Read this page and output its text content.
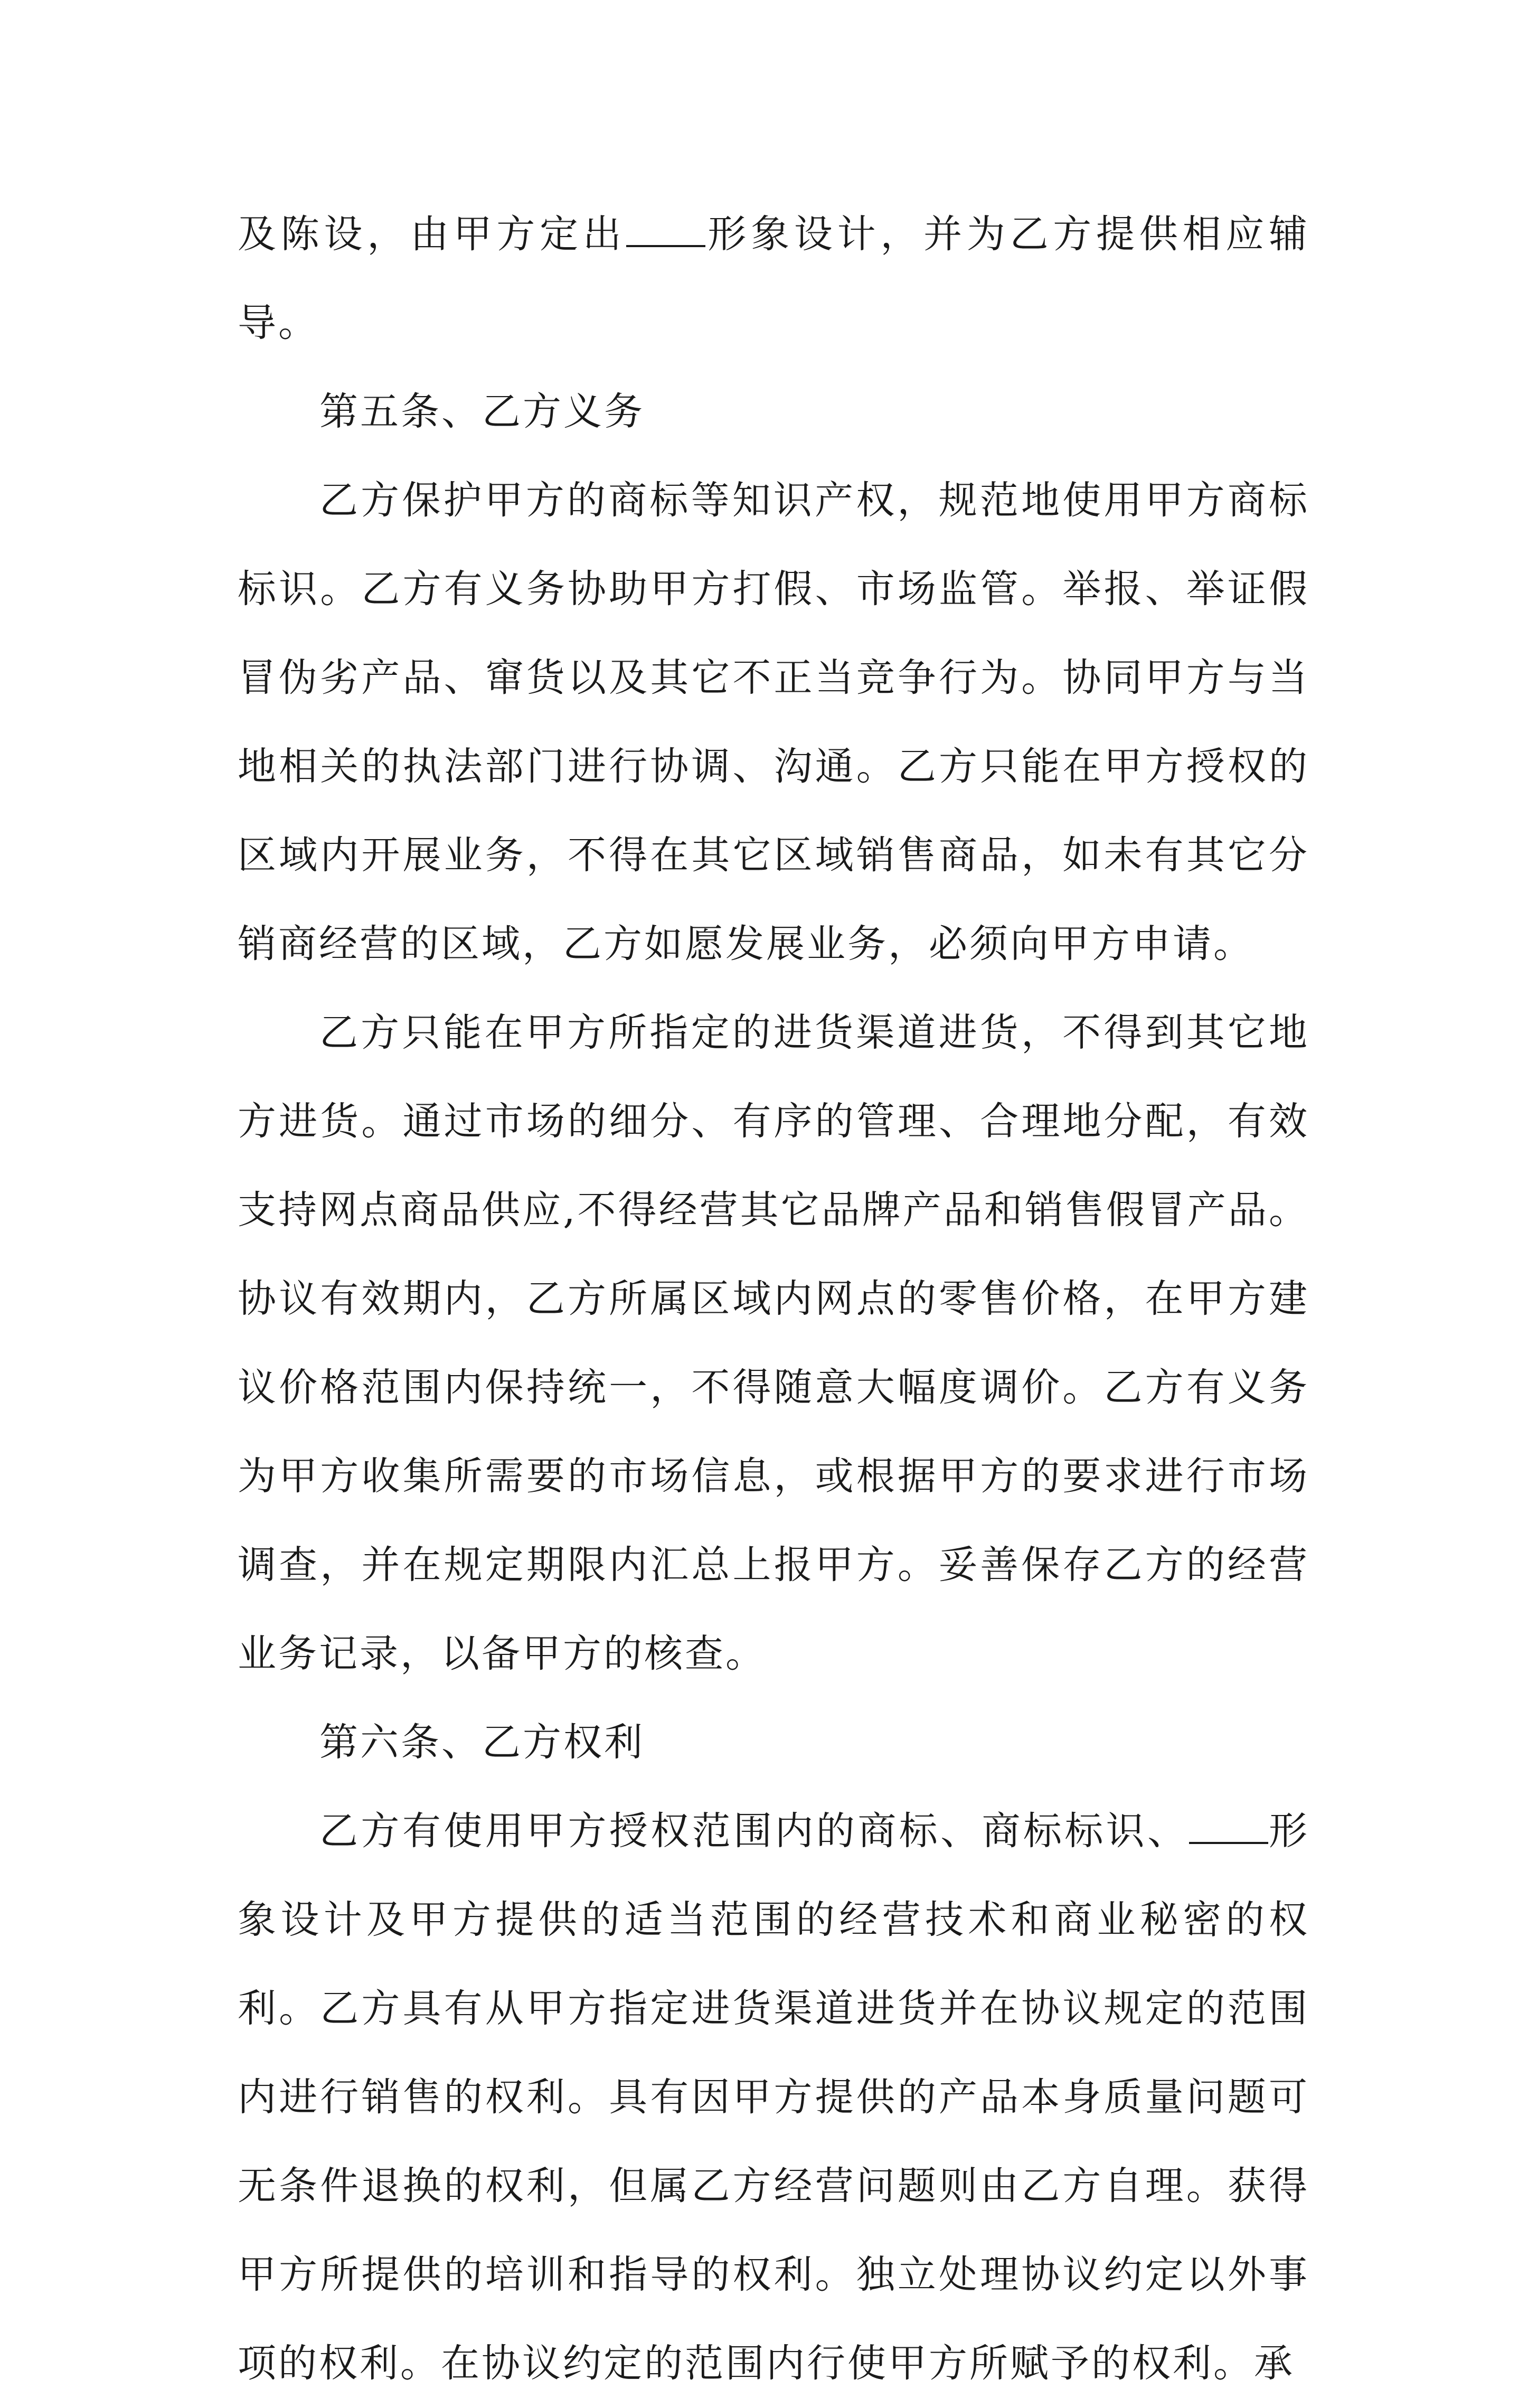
及陈设，由甲方定出 形象设计，并为乙方提供相应辅导。

第五条、乙方义务

乙方保护甲方的商标等知识产权，规范地使用甲方商标标识。乙方有义务协助甲方打假、市场监管。举报、举证假冒伪劣产品、窜货以及其它不正当竞争行为。协同甲方与当地相关的执法部门进行协调、沟通。乙方只能在甲方授权的区域内开展业务，不得在其它区域销售商品，如未有其它分销商经营的区域，乙方如愿发展业务，必须向甲方申请。

乙方只能在甲方所指定的进货渠道进货，不得到其它地方进货。通过市场的细分、有序的管理、合理地分配，有效支持网点商品供应,不得经营其它品牌产品和销售假冒产品。协议有效期内，乙方所属区域内网点的零售价格，在甲方建议价格范围内保持统一，不得随意大幅度调价。乙方有义务为甲方收集所需要的市场信息，或根据甲方的要求进行市场调查，并在规定期限内汇总上报甲方。妥善保存乙方的经营业务记录，以备甲方的核查。

第六条、乙方权利

乙方有使用甲方授权范围内的商标、商标标识、 形象设计及甲方提供的适当范围的经营技术和商业秘密的权利。乙方具有从甲方指定进货渠道进货并在协议规定的范围内进行销售的权利。具有因甲方提供的产品本身质量问题可无条件退换的权利，但属乙方经营问题则由乙方自理。获得甲方所提供的培训和指导的权利。独立处理协议约定以外事项的权利。在协议约定的范围内行使甲方所赋予的权利。承
